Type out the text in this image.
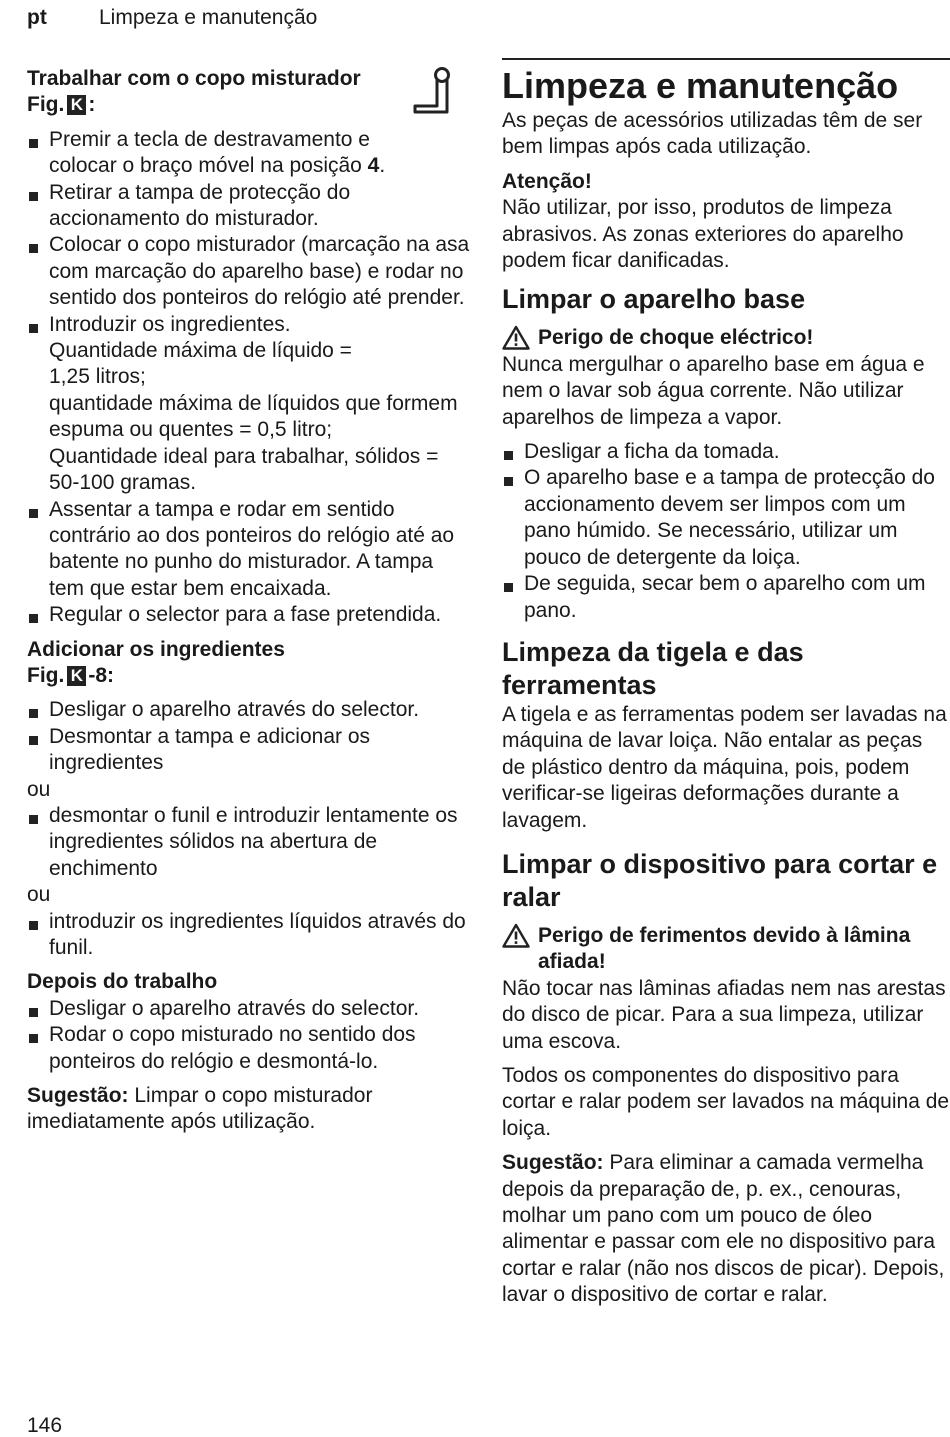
pt Limpeza e manutenção
Trabalhar com o copo misturador
Fig. K :
Premir a tecla de destravamento e colocar o braço móvel na posição 4.
Retirar a tampa de protecção do accionamento do misturador.
Colocar o copo misturador (marcação na asa com marcação do aparelho base) e rodar no sentido dos ponteiros do relógio até prender.
Introduzir os ingredientes.
Quantidade máxima de líquido =
1,25 litros;
quantidade máxima de líquidos que formem espuma ou quentes = 0,5 litro;
Quantidade ideal para trabalhar, sólidos = 50-100 gramas.
Assentar a tampa e rodar em sentido contrário ao dos ponteiros do relógio até ao batente no punho do misturador. A tampa tem que estar bem encaixada.
Regular o selector para a fase pretendida.
Adicionar os ingredientes
Fig. K -8:
Desligar o aparelho através do selector.
Desmontar a tampa e adicionar os ingredientes
ou
desmontar o funil e introduzir lentamente os ingredientes sólidos na abertura de enchimento
ou
introduzir os ingredientes líquidos através do funil.
Depois do trabalho
Desligar o aparelho através do selector.
Rodar o copo misturado no sentido dos ponteiros do relógio e desmontá-lo.
Sugestão: Limpar o copo misturador imediatamente após utilização.
Limpeza e manutenção
As peças de acessórios utilizadas têm de ser bem limpas após cada utilização.
Atenção!
Não utilizar, por isso, produtos de limpeza abrasivos. As zonas exteriores do aparelho podem ficar danificadas.
Limpar o aparelho base
Perigo de choque eléctrico!
Nunca mergulhar o aparelho base em água e nem o lavar sob água corrente. Não utilizar aparelhos de limpeza a vapor.
Desligar a ficha da tomada.
O aparelho base e a tampa de protecção do accionamento devem ser limpos com um pano húmido. Se necessário, utilizar um pouco de detergente da loiça.
De seguida, secar bem o aparelho com um pano.
Limpeza da tigela e das ferramentas
A tigela e as ferramentas podem ser lavadas na máquina de lavar loiça. Não entalar as peças de plástico dentro da máquina, pois, podem verificar-se ligeiras deformações durante a lavagem.
Limpar o dispositivo para cortar e ralar
Perigo de ferimentos devido à lâmina afiada!
Não tocar nas lâminas afiadas nem nas arestas do disco de picar. Para a sua limpeza, utilizar uma escova.
Todos os componentes do dispositivo para cortar e ralar podem ser lavados na máquina de loiça.
Sugestão: Para eliminar a camada vermelha depois da preparação de, p. ex., cenouras, molhar um pano com um pouco de óleo alimentar e passar com ele no dispositivo para cortar e ralar (não nos discos de picar). Depois, lavar o dispositivo de cortar e ralar.
146
